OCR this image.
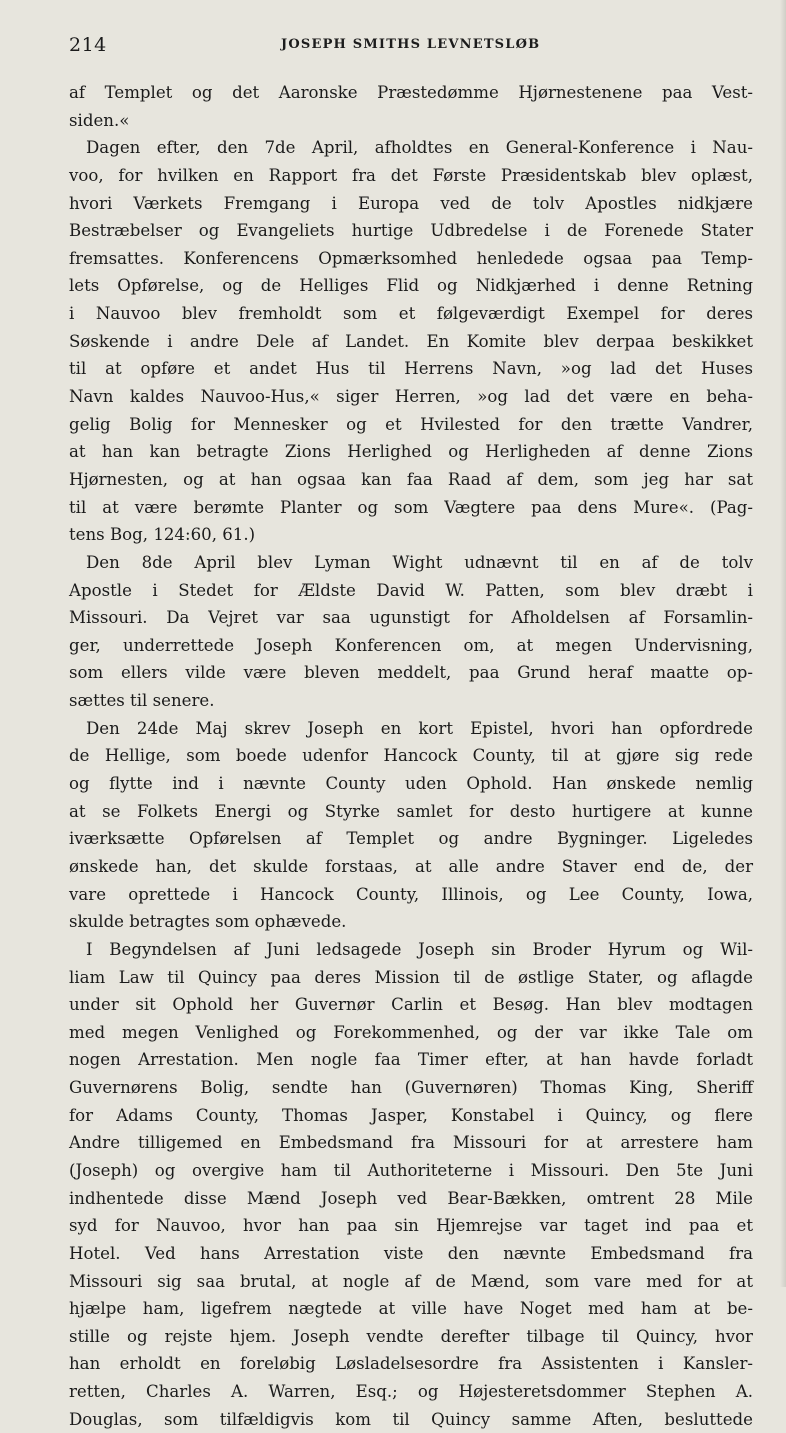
214	JOSEPH SMITHS LEVNETSLØB
af Templet og det Aaronske Præstedømme Hjørnestenene paa Vest-
siden.«
Dagen efter, den 7de April, afholdtes en General-Konference i Nau-
voo, for hvilken en Rapport fra det Første Præsidentskab blev oplæst,
hvori Værkets Fremgang i Europa ved de tolv Apostles nidkjære
Bestræbelser og Evangeliets hurtige Udbredelse i de Forenede Stater
fremsattes. Konferencens Opmærksomhed henledede ogsaa paa Temp-
lets Opførelse, og de Helliges Flid og Nidkjærhed i denne Retning
i Nauvoo blev fremholdt som et følgeværdigt Exempel for deres
Søskende i andre Dele af Landet. En Komite blev derpaa beskikket
til at opføre et andet Hus til Herrens Navn, »og lad det Huses
Navn kaldes Nauvoo-Hus,« siger Herren, »og lad det være en beha-
gelig Bolig for Mennesker og et Hvilested for den trætte Vandrer,
at han kan betragte Zions Herlighed og Herligheden af denne Zions
Hjørnesten, og at han ogsaa kan faa Raad af dem, som jeg har sat
til at være berømte Planter og som Vægtere paa dens Mure«. (Pag-
tens Bog, 124:60, 61.)
Den 8de April blev Lyman Wight udnævnt til en af de tolv
Apostle i Stedet for Ældste David W. Patten, som blev dræbt i
Missouri. Da Vejret var saa ugunstigt for Afholdelsen af Forsamlin-
ger, underrettede Joseph Konferencen om, at megen Undervisning,
som ellers vilde være bleven meddelt, paa Grund heraf maatte op-
sættes til senere.
Den 24de Maj skrev Joseph en kort Epistel, hvori han opfordrede
de Hellige, som boede udenfor Hancock County, til at gjøre sig rede
og flytte ind i nævnte County uden Ophold. Han ønskede nemlig
at se Folkets Energi og Styrke samlet for desto hurtigere at kunne
iværksætte Opførelsen af Templet og andre Bygninger. Ligeledes
ønskede han, det skulde forstaas, at alle andre Staver end de, der
vare oprettede i Hancock County, Illinois, og Lee County, Iowa,
skulde betragtes som ophævede.
I Begyndelsen af Juni ledsagede Joseph sin Broder Hyrum og Wil-
liam Law til Quincy paa deres Mission til de østlige Stater, og aflagde
under sit Ophold her Guvernør Carlin et Besøg. Han blev modtagen
med megen Venlighed og Forekommenhed, og der var ikke Tale om
nogen Arrestation. Men nogle faa Timer efter, at han havde forladt
Guvernørens Bolig, sendte han (Guvernøren) Thomas King, Sheriff
for Adams County, Thomas Jasper, Konstabel i Quincy, og flere
Andre tilligemed en Embedsmand fra Missouri for at arrestere ham
(Joseph) og overgive ham til Authoriteterne i Missouri. Den 5te Juni
indhentede disse Mænd Joseph ved Bear-Bækken, omtrent 28 Mile
syd for Nauvoo, hvor han paa sin Hjemrejse var taget ind paa et
Hotel. Ved hans Arrestation viste den nævnte Embedsmand fra
Missouri sig saa brutal, at nogle af de Mænd, som vare med for at
hjælpe ham, ligefrem nægtede at ville have Noget med ham at be-
stille og rejste hjem. Joseph vendte derefter tilbage til Quincy, hvor
han erholdt en foreløbig Løsladelsesordre fra Assistenten i Kansler-
retten, Charles A. Warren, Esq.; og Højesteretsdommer Stephen A.
Douglas, som tilfældigvis kom til Quincy samme Aften, besluttede
